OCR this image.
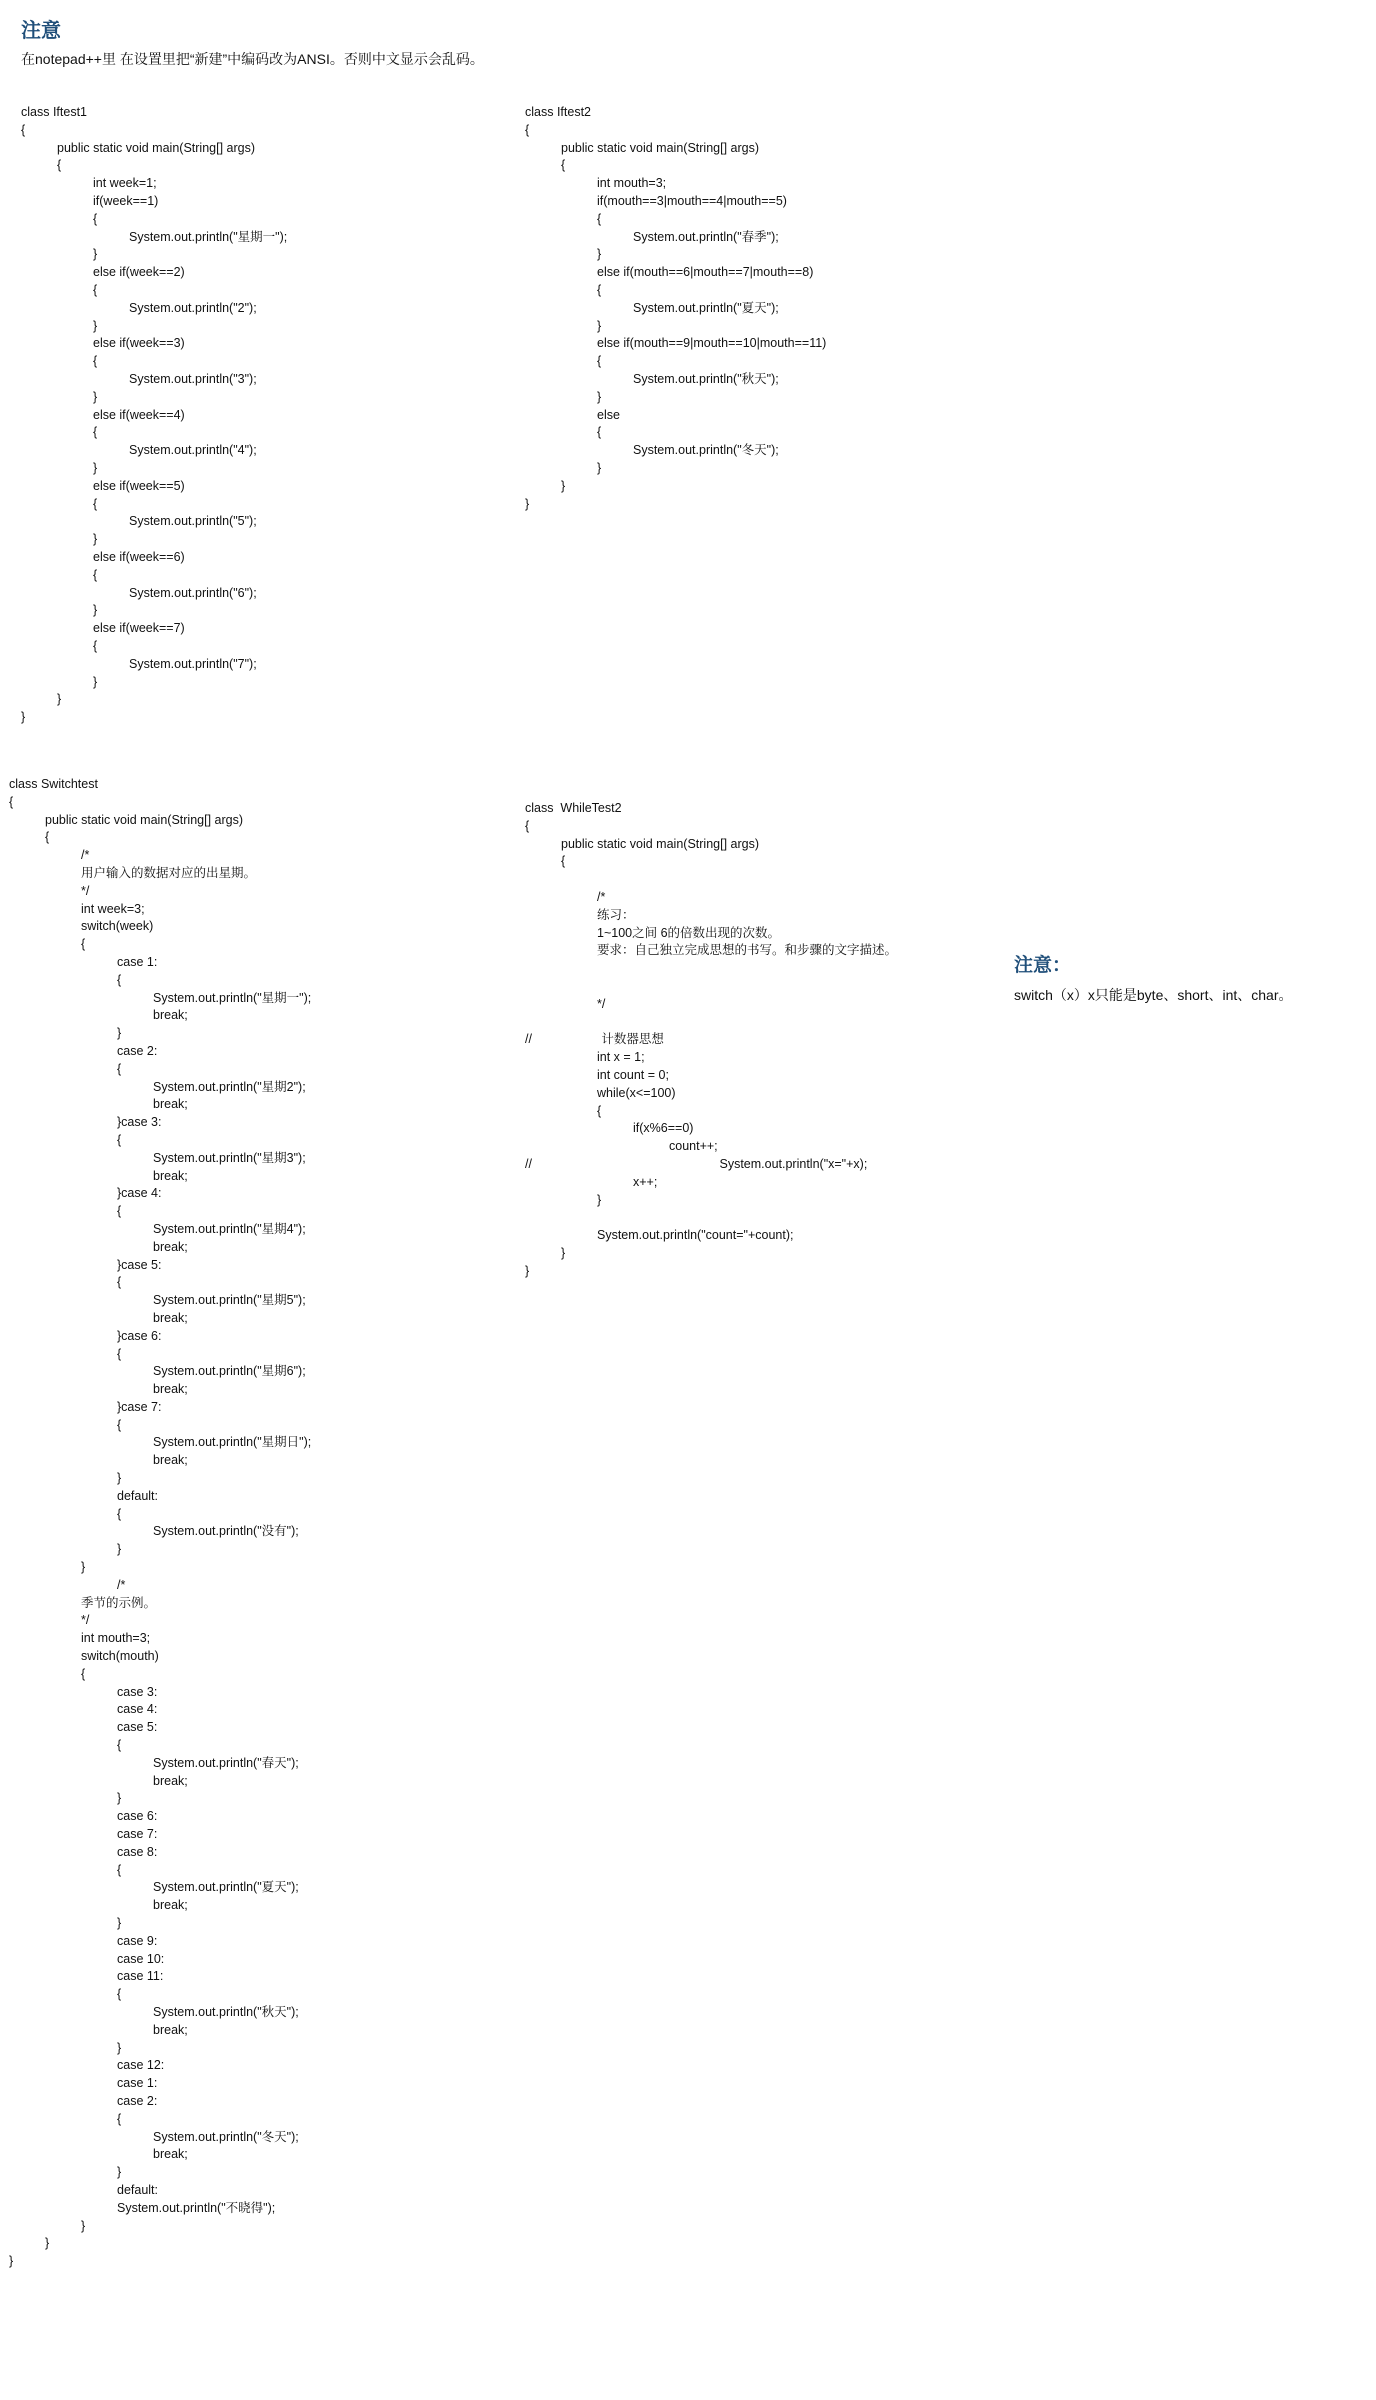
注意

在notepad++里 在设置里把“新建”中编码改为ANSI。否则中文显示会乱码。

class Iftest1
{
public static void main(String[] args)
{
int week=1;
if(week==1)
{
System.out.println("星期一");
}
else if(week==2)
{
System.out.println("2");
}
else if(week==3)
{
System.out.println("3");
}
else if(week==4)
{
System.out.println("4");
}
else if(week==5)
{
System.out.println("5");
}
else if(week==6)
{
System.out.println("6");
}
else if(week==7)
{
System.out.println("7");
}
}
}
class Iftest2
{
public static void main(String[] args)
{
int mouth=3;
if(mouth==3|mouth==4|mouth==5)
{
System.out.println("春季");
}
else if(mouth==6|mouth==7|mouth==8)
{
System.out.println("夏天");
}
else if(mouth==9|mouth==10|mouth==11)
{
System.out.println("秋天");
}
else
{
System.out.println("冬天");
}
}
}
class Switchtest
{
public static void main(String[] args)
{
/*
用户输入的数据对应的出星期。
*/
int week=3;
switch(week)
{
case 1:
{
System.out.println("星期一");
break;
}
case 2:
{
System.out.println("星期2");
break;
}case 3:
{
System.out.println("星期3");
break;
}case 4:
{
System.out.println("星期4");
break;
}case 5:
{
System.out.println("星期5");
break;
}case 6:
{
System.out.println("星期6");
break;
}case 7:
{
System.out.println("星期日");
break;
}
default:
{
System.out.println("没有");
}
}
/*
季节的示例。
*/
int mouth=3;
switch(mouth)
{
case 3:
case 4:
case 5:
{
System.out.println("春天");
break;
}
case 6:
case 7:
case 8:
{
System.out.println("夏天");
break;
}
case 9:
case 10:
case 11:
{
System.out.println("秋天");
break;
}
case 12:
case 1:
case 2:
{
System.out.println("冬天");
break;
}
default:
System.out.println("不晓得");
}
}
}
class  WhileTest2
{
public static void main(String[] args)
{
/*
练习：
1~100之间 6的倍数出现的次数。
要求：自己独立完成思想的书写。和步骤的文字描述。
*/
//                    计数器思想
int x = 1;
int count = 0;
while(x<=100)
{
if(x%6==0)
count++;
//                                                      System.out.println("x="+x);
x++;
}
System.out.println("count="+count);
}
}
注意：

switch（x）x只能是byte、short、int、char。
